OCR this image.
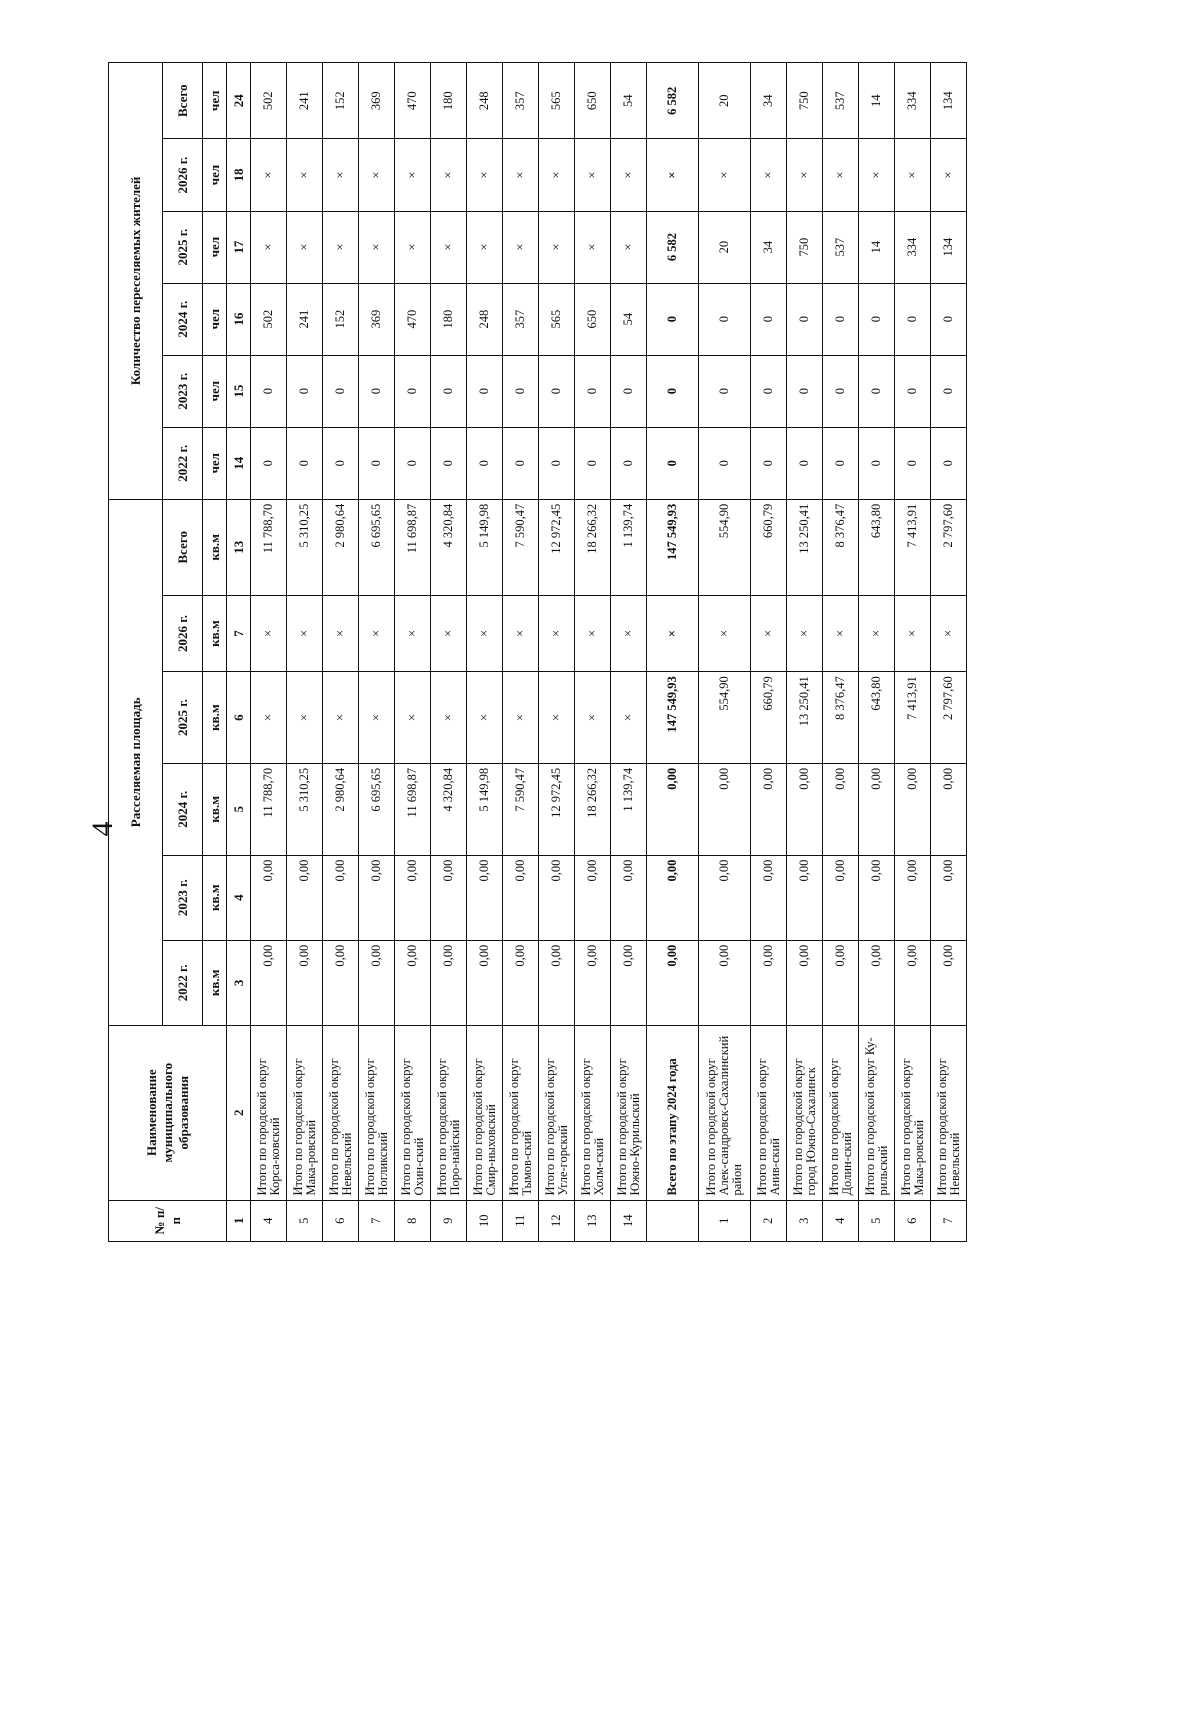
4
№ п/п	Наименование муниципального образования	Расселяемая площадь						Количество переселяемых жителей					
		2022 г.	2023 г.	2024 г.	2025 г.	2026 г.	Всего	2022 г.	2023 г.	2024 г.	2025 г.	2026 г.	Всего
		кв.м	кв.м	кв.м	кв.м	кв.м	кв.м	чел	чел	чел	чел	чел	чел
1	2	3	4	5	6	7	13	14	15	16	17	18	24
4	Итого по городской округ Корса-ковский	0,00	0,00	11 788,70	×	×	11 788,70	0	0	502	×	×	502
5	Итого по городской округ Мака-ровский	0,00	0,00	5 310,25	×	×	5 310,25	0	0	241	×	×	241
6	Итого по городской округ Невельский	0,00	0,00	2 980,64	×	×	2 980,64	0	0	152	×	×	152
7	Итого по городской округ Ногликский	0,00	0,00	6 695,65	×	×	6 695,65	0	0	369	×	×	369
8	Итого по городской округ Охин-ский	0,00	0,00	11 698,87	×	×	11 698,87	0	0	470	×	×	470
9	Итого по городской округ Поро-найский	0,00	0,00	4 320,84	×	×	4 320,84	0	0	180	×	×	180
10	Итого по городской округ Смир-ныховский	0,00	0,00	5 149,98	×	×	5 149,98	0	0	248	×	×	248
11	Итого по городской округ Тымов-ский	0,00	0,00	7 590,47	×	×	7 590,47	0	0	357	×	×	357
12	Итого по городской округ Угле-горский	0,00	0,00	12 972,45	×	×	12 972,45	0	0	565	×	×	565
13	Итого по городской округ Холм-ский	0,00	0,00	18 266,32	×	×	18 266,32	0	0	650	×	×	650
14	Итого по городской округ Южно-Курильский	0,00	0,00	1 139,74	×	×	1 139,74	0	0	54	×	×	54
	Всего по этапу 2024 года	0,00	0,00	0,00	147 549,93	×	147 549,93	0	0	0	6 582	×	6 582
1	Итого по городской округ Алек-сандровск-Сахалинский район	0,00	0,00	0,00	554,90	×	554,90	0	0	0	20	×	20
2	Итого по городской округ Анив-ский	0,00	0,00	0,00	660,79	×	660,79	0	0	0	34	×	34
3	Итого по городской округ город Южно-Сахалинск	0,00	0,00	0,00	13 250,41	×	13 250,41	0	0	0	750	×	750
4	Итого по городской округ Долин-ский	0,00	0,00	0,00	8 376,47	×	8 376,47	0	0	0	537	×	537
5	Итого по городской округ Ку-рильский	0,00	0,00	0,00	643,80	×	643,80	0	0	0	14	×	14
6	Итого по городской округ Мака-ровский	0,00	0,00	0,00	7 413,91	×	7 413,91	0	0	0	334	×	334
7	Итого по городской округ Невельский	0,00	0,00	0,00	2 797,60	×	2 797,60	0	0	0	134	×	134
